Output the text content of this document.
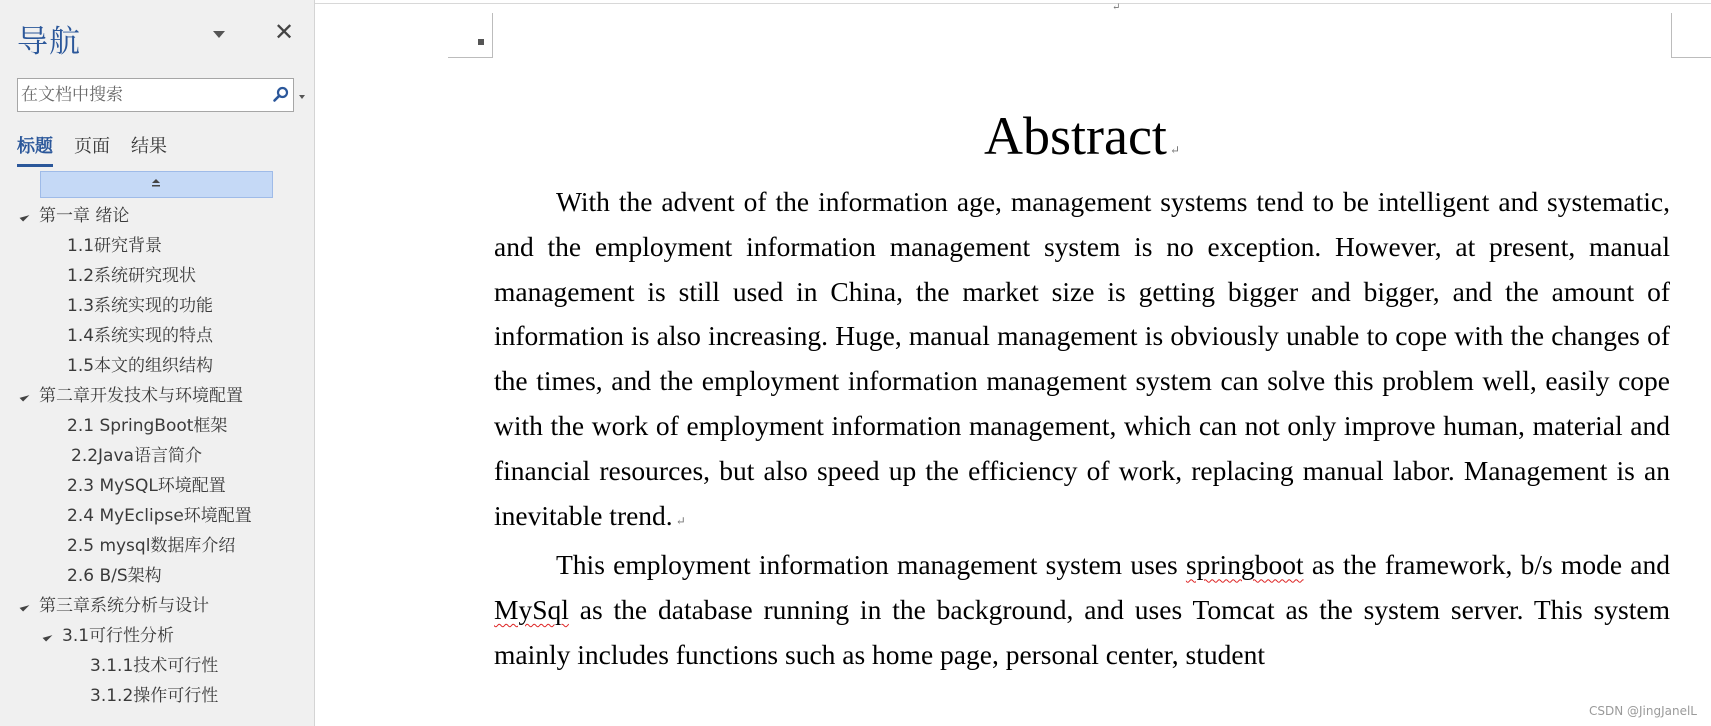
导航	✕
在文档中搜索
标题 页面 结果
第一章 绪论
1.1研究背景
1.2系统研究现状
1.3系统实现的功能
1.4系统实现的特点
1.5本文的组织结构
第二章开发技术与环境配置
2.1 SpringBoot框架
2.2Java语言简介
2.3 MySQL环境配置
2.4 MyEclipse环境配置
2.5 mysql数据库介绍
2.6 B/S架构
第三章系统分析与设计
3.1可行性分析
3.1.1技术可行性
3.1.2操作可行性
↵
Abstract ↵

With the advent of the information age, management systems tend to be intelligent and systematic, and the employment information management system is no exception. However, at present, manual management is still used in China, the market size is getting bigger and bigger, and the amount of information is also increasing. Huge, manual management is obviously unable to cope with the changes of the times, and the employment information management system can solve this problem well, easily cope with the work of employment information management, which can not only improve human, material and financial resources, but also speed up the efficiency of work, replacing manual labor. Management is an inevitable trend. ↵

This employment information management system uses springboot as the framework, b/s mode and MySql as the database running in the background, and uses Tomcat as the system server. This system mainly includes functions such as home page, personal center, student

CSDN @JingJanelL
